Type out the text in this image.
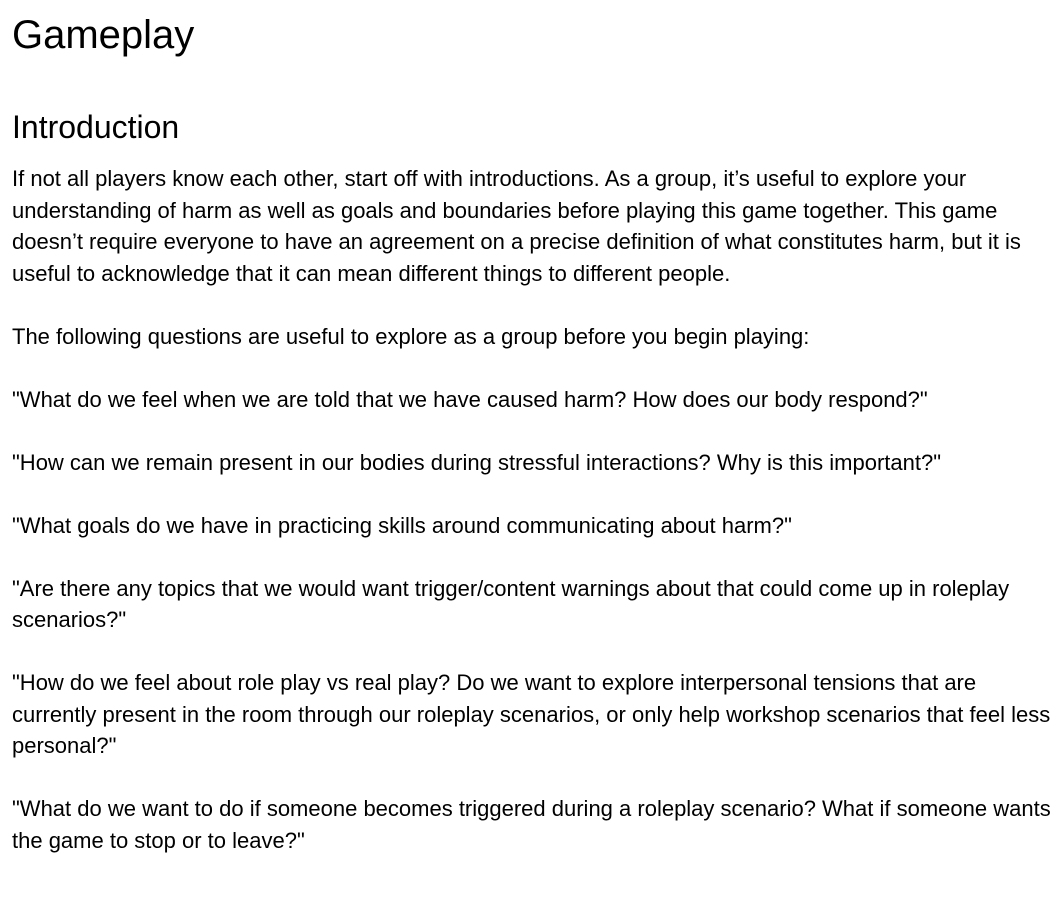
Gameplay
Introduction

If not all players know each other, start off with introductions. As a group, it’s useful to explore your understanding of harm as well as goals and boundaries before playing this game together. This game doesn’t require everyone to have an agreement on a precise definition of what constitutes harm, but it is useful to acknowledge that it can mean different things to different people.

The following questions are useful to explore as a group before you begin playing:

"What do we feel when we are told that we have caused harm? How does our body respond?"

"How can we remain present in our bodies during stressful interactions? Why is this important?"

"What goals do we have in practicing skills around communicating about harm?"

"Are there any topics that we would want trigger/content warnings about that could come up in roleplay scenarios?"

"How do we feel about role play vs real play? Do we want to explore interpersonal tensions that are currently present in the room through our roleplay scenarios, or only help workshop scenarios that feel less personal?"

"What do we want to do if someone becomes triggered during a roleplay scenario? What if someone wants the game to stop or to leave?"
